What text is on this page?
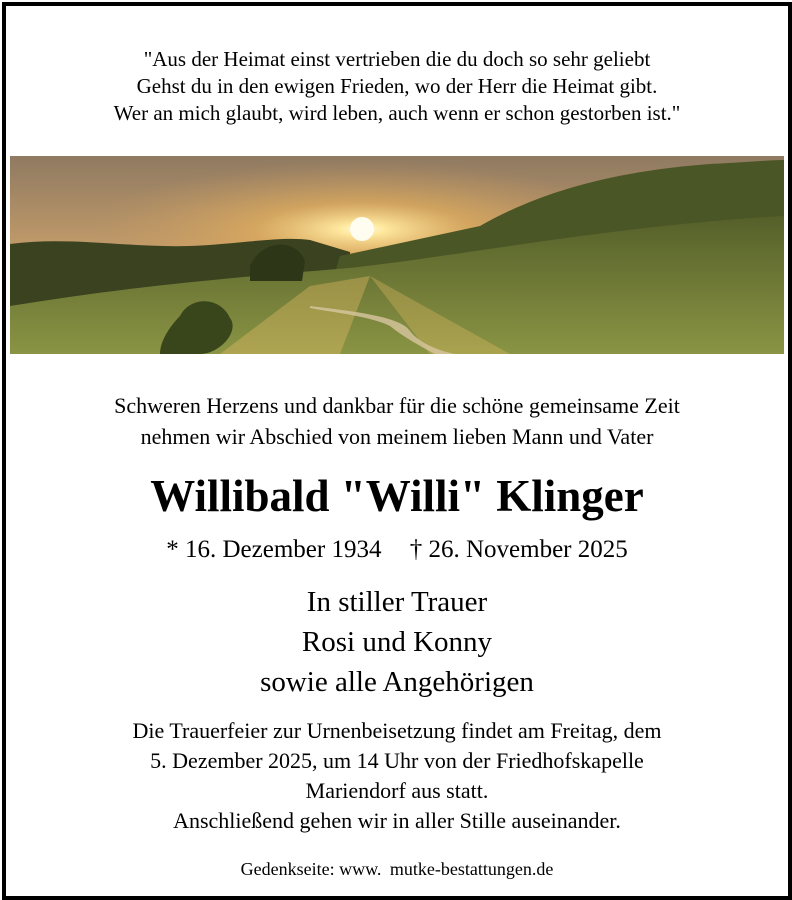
"Aus der Heimat einst vertrieben die du doch so sehr geliebt
Gehst du in den ewigen Frieden, wo der Herr die Heimat gibt.
Wer an mich glaubt, wird leben, auch wenn er schon gestorben ist."
Schweren Herzens und dankbar für die schöne gemeinsame Zeit
nehmen wir Abschied von meinem lieben Mann und Vater
Willibald "Willi" Klinger
* 16. Dezember 1934 † 26. November 2025
In stiller Trauer
Rosi und Konny
sowie alle Angehörigen
Die Trauerfeier zur Urnenbeisetzung findet am Freitag, dem
5. Dezember 2025, um 14 Uhr von der Friedhofskapelle
Mariendorf aus statt.
Anschließend gehen wir in aller Stille auseinander.
Gedenkseite: www. mutke-bestattungen.de
